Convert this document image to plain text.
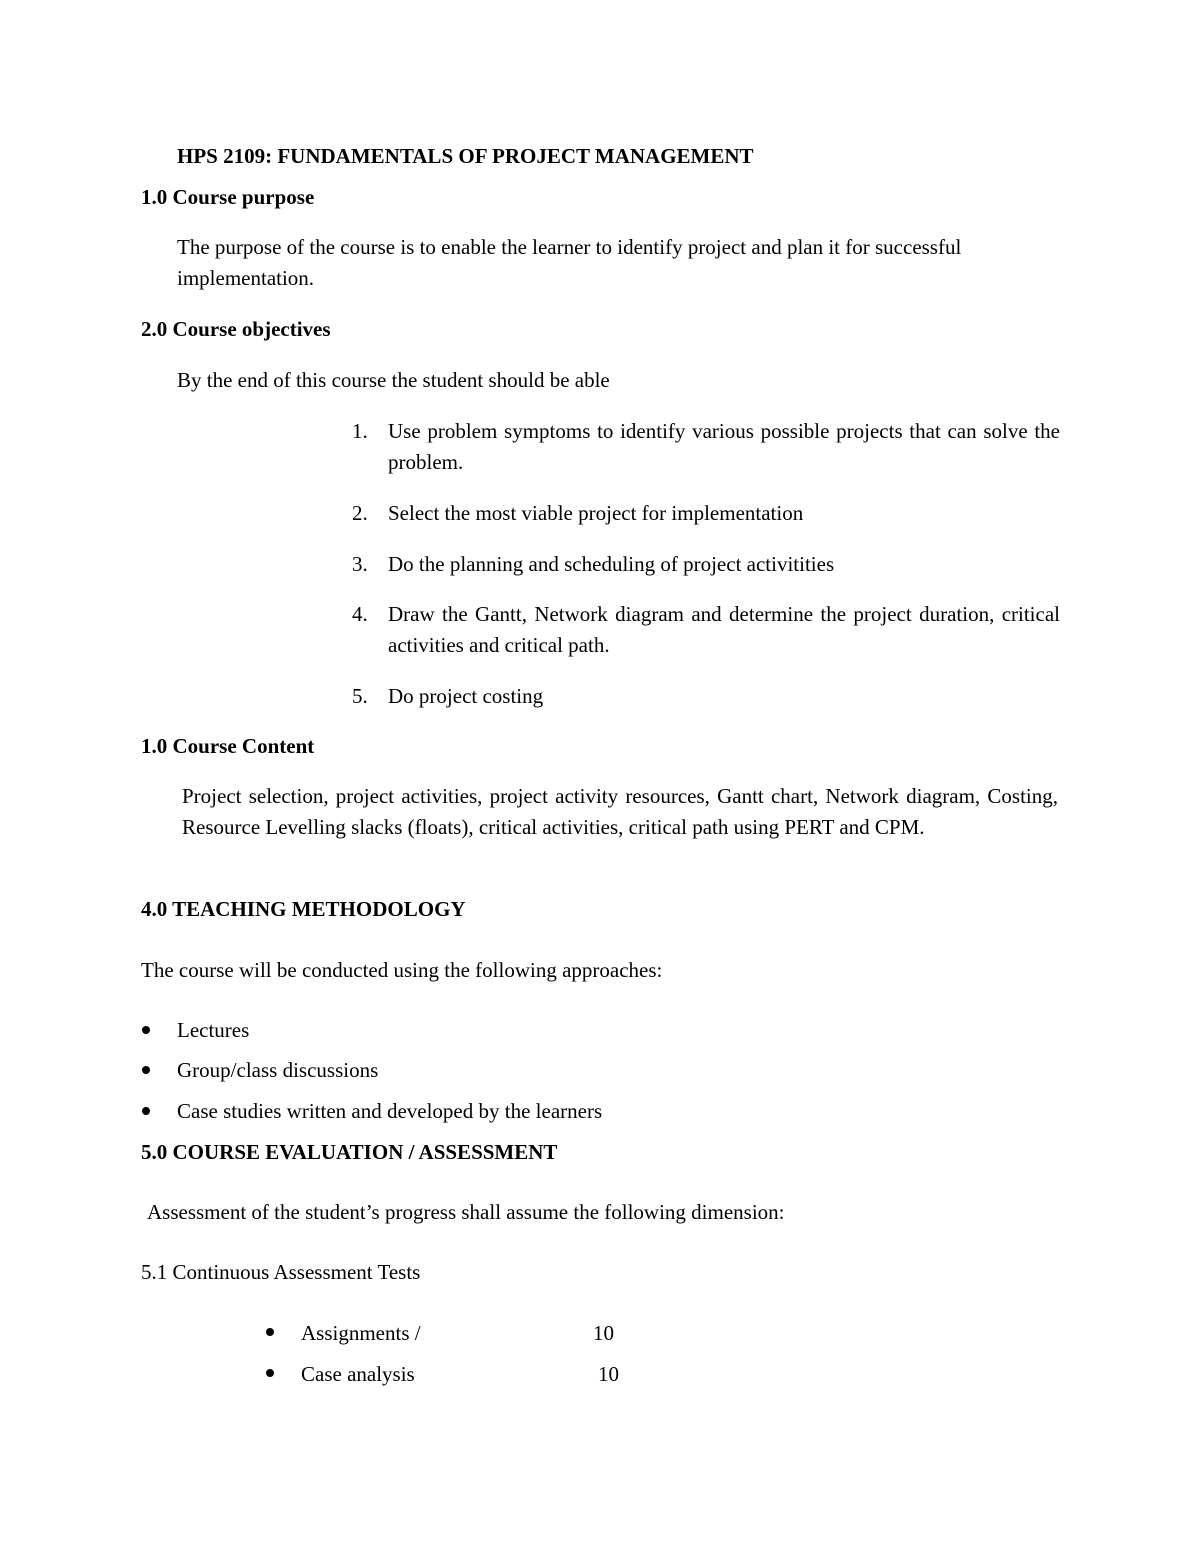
HPS 2109: FUNDAMENTALS OF PROJECT MANAGEMENT

1.0 Course purpose

The purpose of the course is to enable the learner to identify project and plan it for successful implementation.

2.0 Course objectives

By the end of this course the student should be able

1. Use problem symptoms to identify various possible projects that can solve the problem.

2. Select the most viable project for implementation

3. Do the planning and scheduling of project activitities

4. Draw the Gantt, Network diagram and determine the project duration, critical activities and critical path.

5. Do project costing

1.0 Course Content

Project selection, project activities, project activity resources, Gantt chart, Network diagram, Costing, Resource Levelling slacks (floats), critical activities, critical path using PERT and CPM.

4.0 TEACHING METHODOLOGY

The course will be conducted using the following approaches:

Lectures

Group/class discussions

Case studies written and developed by the learners

5.0 COURSE EVALUATION / ASSESSMENT

Assessment of the student’s progress shall assume the following dimension:

5.1 Continuous Assessment Tests

Assignments /	10

Case analysis	10
